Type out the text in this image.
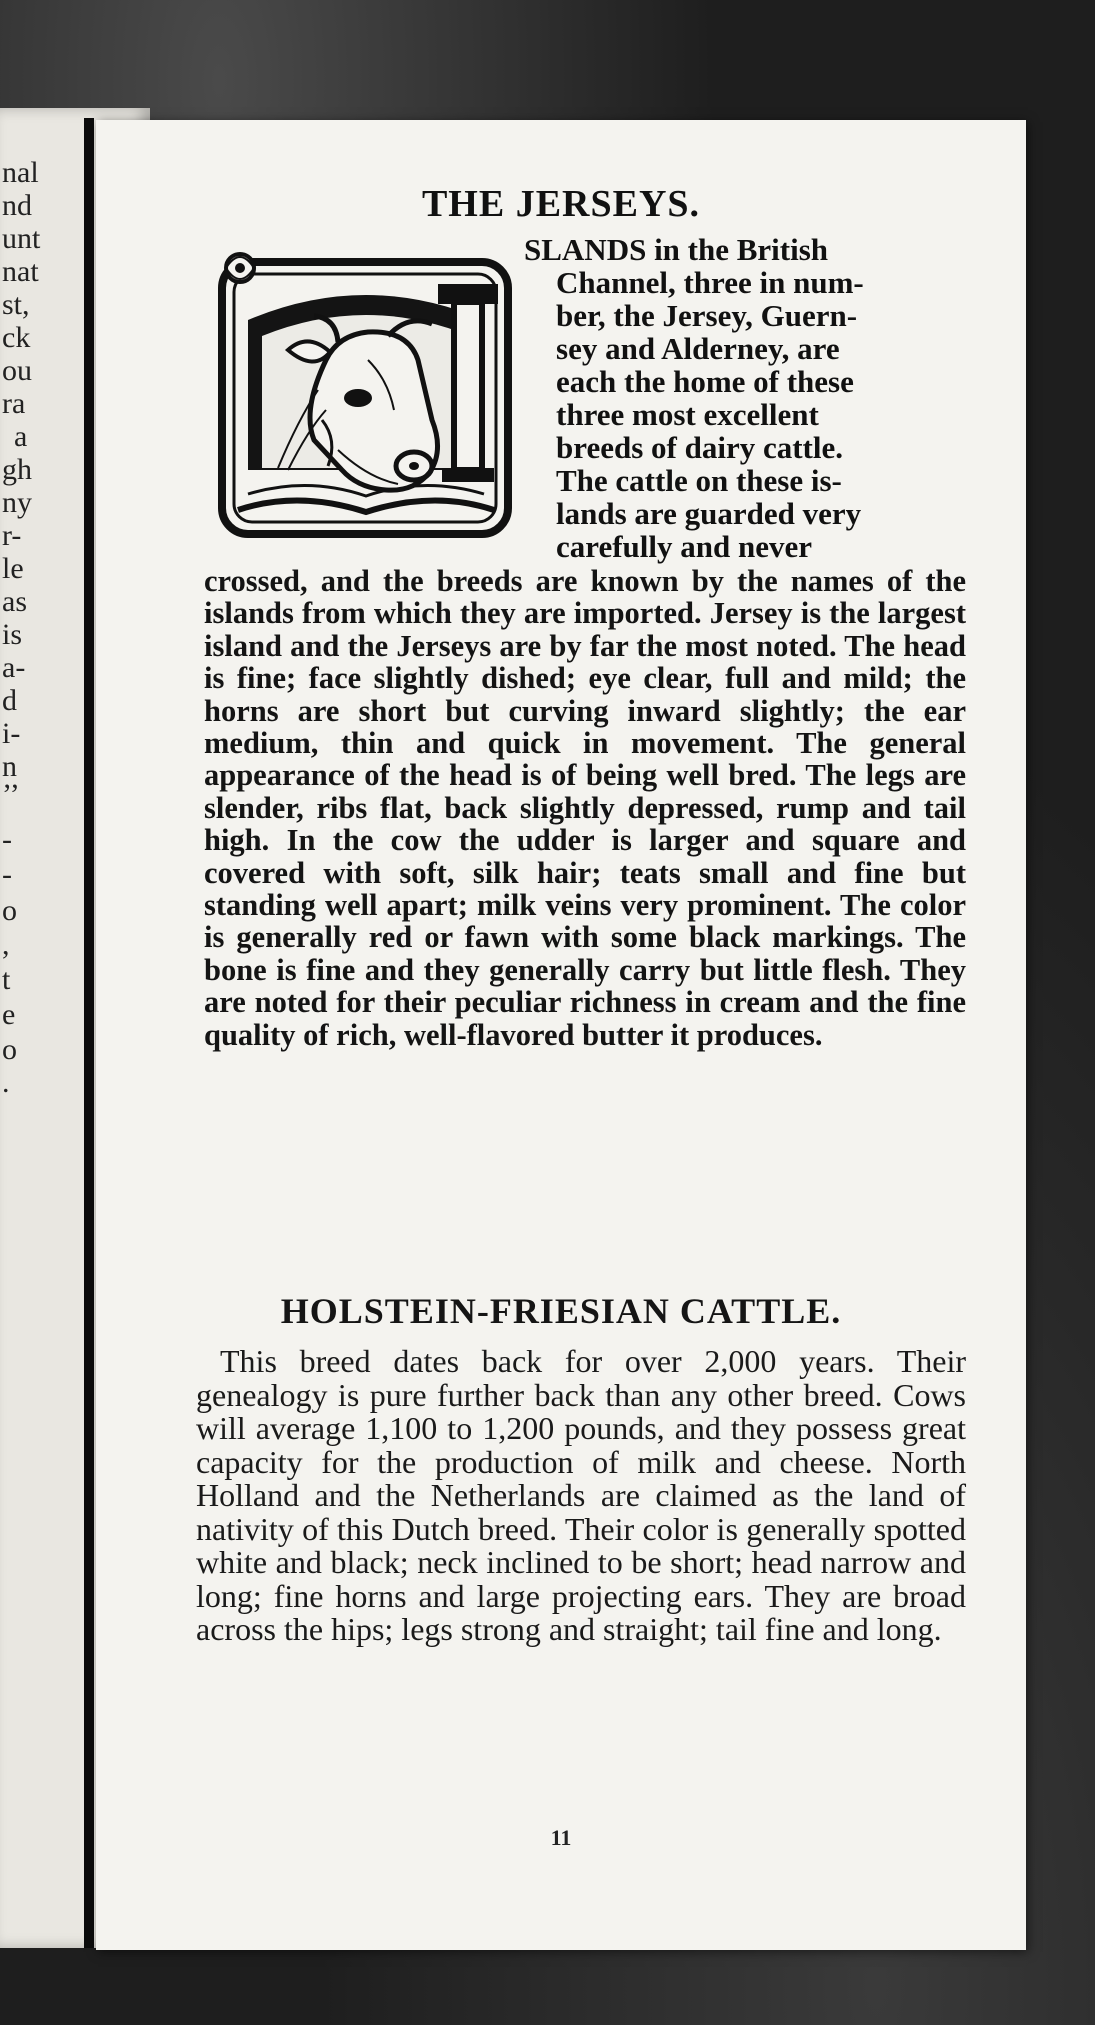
nal
nd
unt
nat
st,
ck
ou
ra
a
gh
ny
r-
le
as
is
a-
d
i-
n
’’
-
-
o
,
t
e
o
.
THE JERSEYS.
SLANDS in the British
Channel, three in num-
ber, the Jersey, Guern-
sey and Alderney, are
each the home of these
three most excellent
breeds of dairy cattle.
The cattle on these is-
lands are guarded very
carefully and never
crossed, and the breeds are known by the names of the islands from which they are imported. Jersey is the largest island and the Jerseys are by far the most noted. The head is fine; face slightly dished; eye clear, full and mild; the horns are short but curving inward slightly; the ear medium, thin and quick in movement. The general appearance of the head is of being well bred. The legs are slender, ribs flat, back slightly depressed, rump and tail high. In the cow the udder is larger and square and covered with soft, silk hair; teats small and fine but standing well apart; milk veins very prominent. The color is generally red or fawn with some black markings. The bone is fine and they generally carry but little flesh. They are noted for their peculiar richness in cream and the fine quality of rich, well-flavored butter it produces.
HOLSTEIN-FRIESIAN CATTLE.
This breed dates back for over 2,000 years. Their genealogy is pure further back than any other breed. Cows will average 1,100 to 1,200 pounds, and they possess great capacity for the production of milk and cheese. North Holland and the Netherlands are claimed as the land of nativity of this Dutch breed. Their color is generally spotted white and black; neck inclined to be short; head narrow and long; fine horns and large projecting ears. They are broad across the hips; legs strong and straight; tail fine and long.
11
